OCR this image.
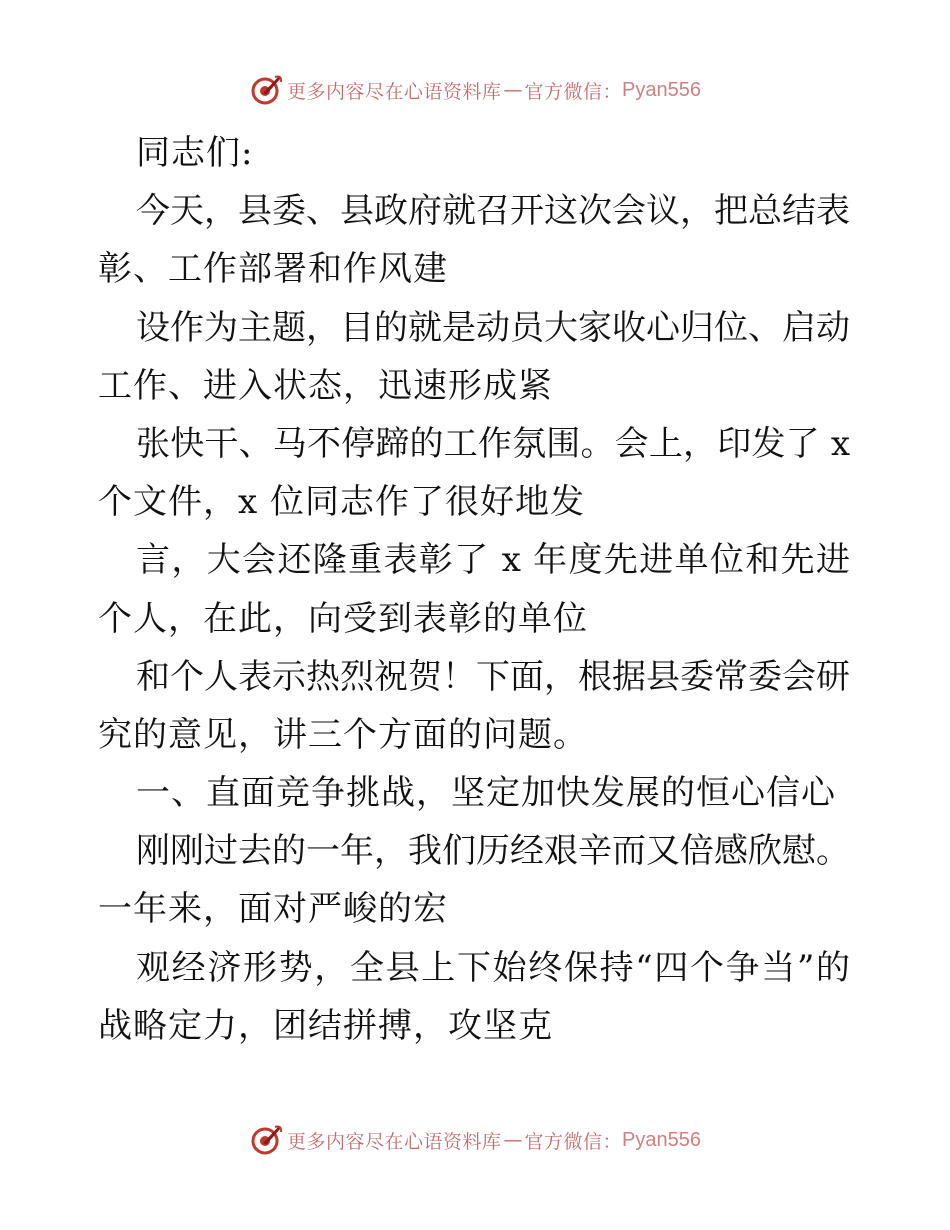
更多内容尽在心语资料库 — 官方微信： Pyan556
同志们:
今天，县委、县政府就召开这次会议，把总结表
彰、工作部署和作风建
设作为主题，目的就是动员大家收心归位、启动
工作、进入状态，迅速形成紧
张快干、马不停蹄的工作氛围。会上，印发了 x
个文件，x 位同志作了很好地发
言，大会还隆重表彰了 x 年度先进单位和先进
个人，在此，向受到表彰的单位
和个人表示热烈祝贺！下面，根据县委常委会研
究的意见，讲三个方面的问题。
一、直面竞争挑战，坚定加快发展的恒心信心
刚刚过去的一年，我们历经艰辛而又倍感欣慰。
一年来，面对严峻的宏
观经济形势，全县上下始终保持“四个争当”的
战略定力，团结拼搏，攻坚克
更多内容尽在心语资料库 — 官方微信： Pyan556
